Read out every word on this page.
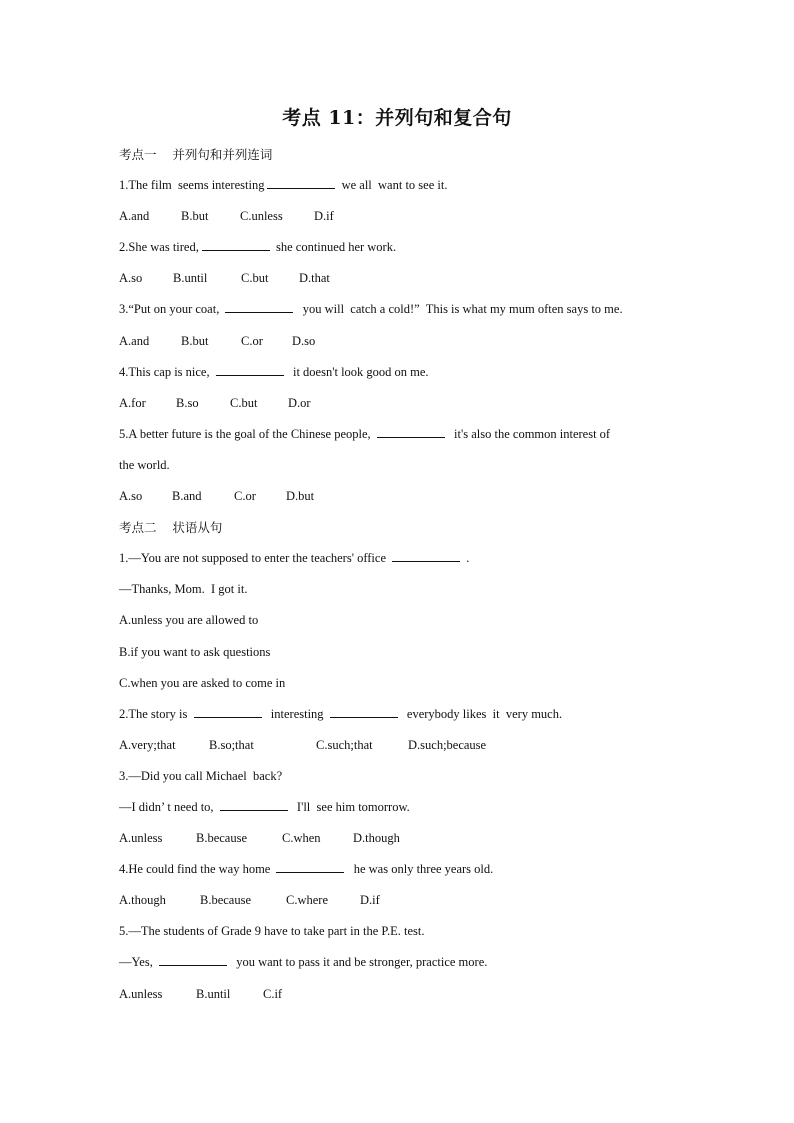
考点 11：并列句和复合句
考点一    并列句和并列连词
1.The film  seems interesting	we all  want to see it.
A.and	B.but	C.unless	D.if
2.She was tired,	she continued her work.
A.so B.until	C.but D.that
3.“Put on your coat,	you will  catch a cold!”  This is what my mum often says to me.
A.and	B.but	C.or D.so
4.This cap is nice,	it doesn't look good on me.
A.for B.so	C.but D.or
5.A better future is the goal of the Chinese people,	it's also the common interest of
the world.
A.so B.and	C.or D.but
考点二    状语从句
1.—You are not supposed to enter the teachers' office	.
—Thanks, Mom.  I got it.
A.unless you are allowed to
B.if you want to ask questions
C.when you are asked to come in
2.The story is	interesting	everybody likes  it  very much.
A.very;that	B.so;that	C.such;that	D.such;because
3.—Did you call Michael  back?
—I didn’ t need to,	I'll  see him tomorrow.
A.unless	B.because	C.when	D.though
4.He could find the way home	he was only three years old.
A.though	B.because	C.where	D.if
5.—The students of Grade 9 have to take part in the P.E. test.
—Yes,	you want to pass it and be stronger, practice more.
A.unless	B.until	C.if
